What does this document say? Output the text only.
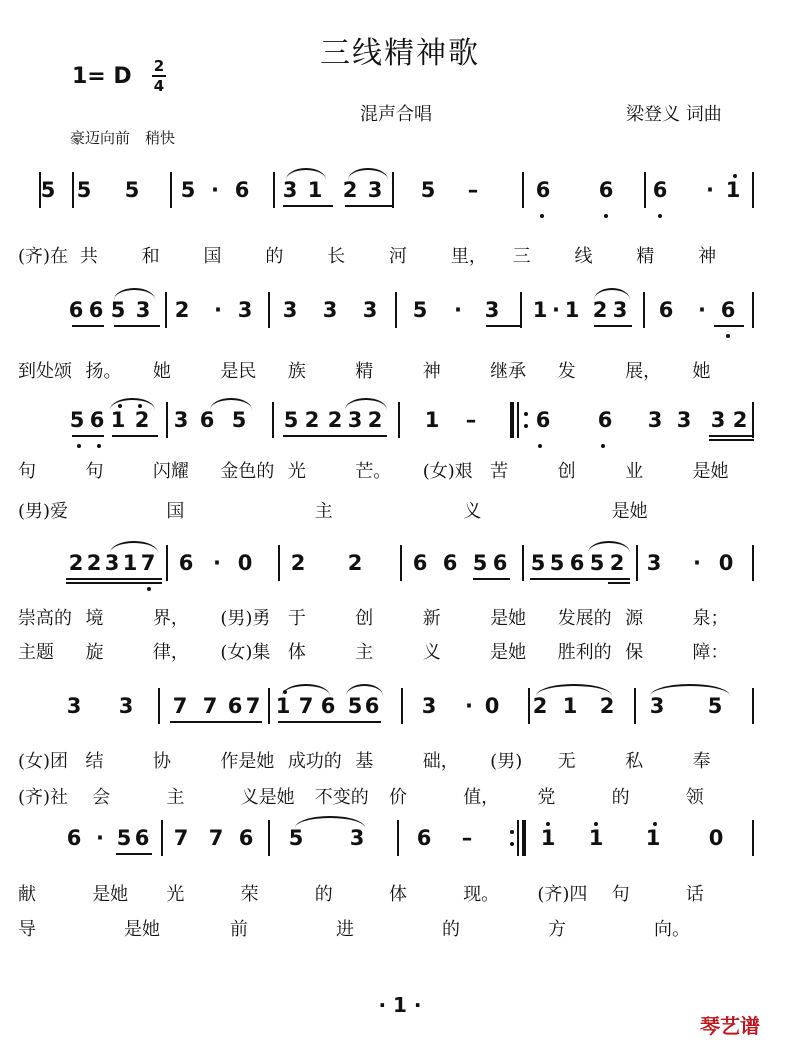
三线精神歌
1= D 2
4
混声合唱	梁登义 词曲
豪迈向前　稍快
5 5 5 5 · 6 3 1 2 3 5 –	6 6 6 · 1
6 6 5 3 2 · 3 3 3 3 5 · 3 1 · 1 2 3 6 · 6
5 6 1 2 3 6 5 5 2 2 3 2 1 –	6 6 3 3 3 2
2 2 3 1 7 6 · 0 2 2 6 6 5 6 5 5 6 5 2 3 · 0
3 3 7 7 6 7 1 7 6 5 6 3 · 0 2 1 2 3 5
6 · 5 6 7 7 6 5 3 6 –	1 1 1 0
· 1 ·
琴艺谱
(齐)在 共 和 国 的 长 河 里， 三 线 精 神
到处颂 扬。 她	是民 族	精	神	继承 发	展， 她
句	句	闪耀 金色的 光	芒。 (女)艰 苦	创	业	是她
(男)爱	国	主	义	是她
崇高的 境	界， (男)勇 于	创	新	是她 发展的 源	泉；
主题 旋	律， (女)集 体	主	义	是她 胜利的 保	障：
(女)团 结	协	作是她 成功的 基	础， (男) 无	私	奉
(齐)社 会	主	义是她 不变的 价	值， 党	的	领
献	是她 光	荣	的	体	现。 (齐)四 句	话
导	是她	前	进	的	方	向。
